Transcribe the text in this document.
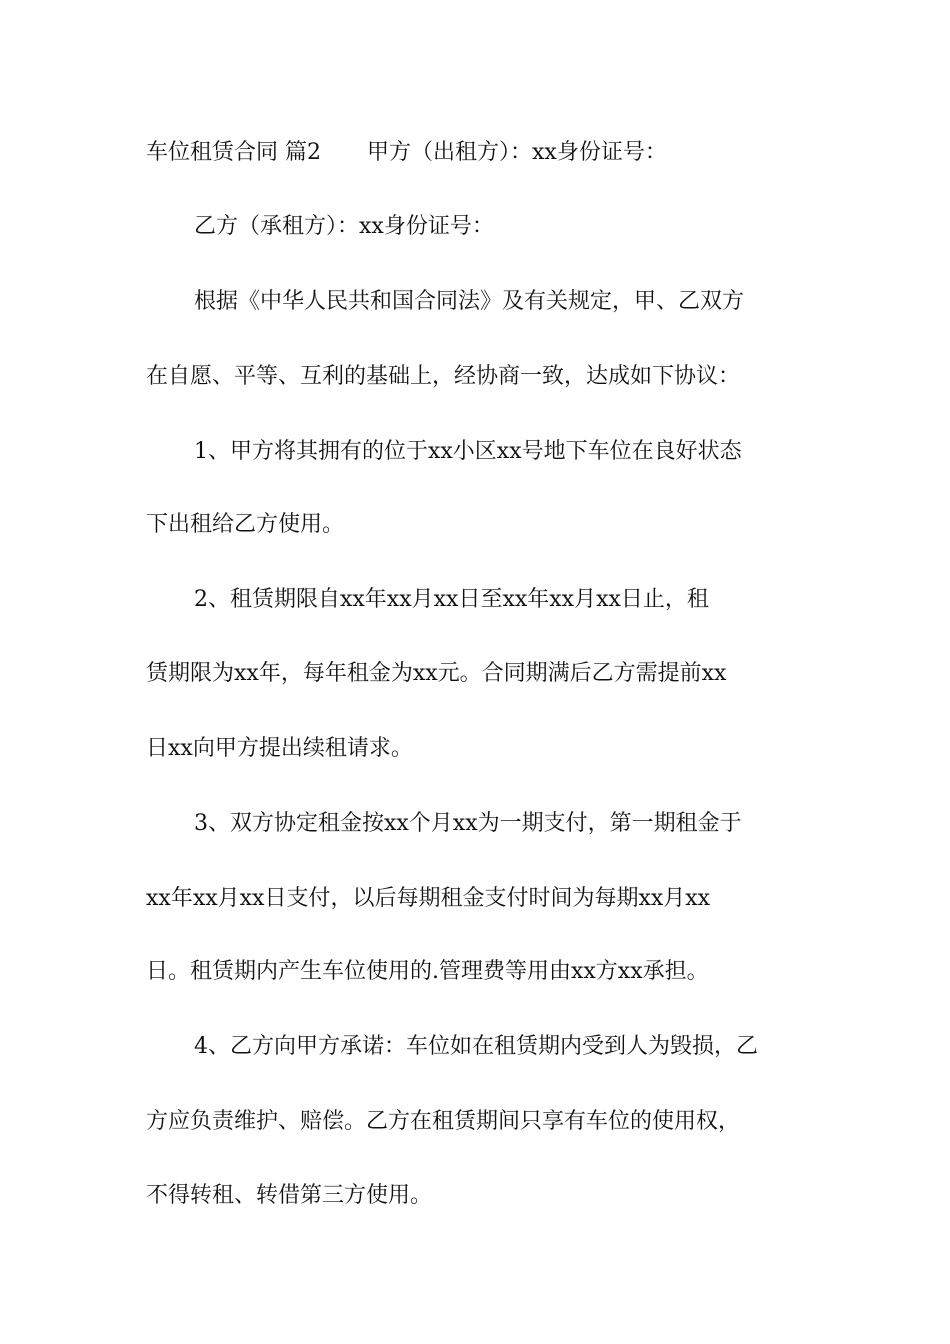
车位租赁合同 篇2 甲方（出租方）：xx身份证号：
乙方（承租方）：xx身份证号：
根据《中华人民共和国合同法》及有关规定，甲、乙双方
在自愿、平等、互利的基础上，经协商一致，达成如下协议：
1、甲方将其拥有的位于xx小区xx号地下车位在良好状态
下出租给乙方使用。
2、租赁期限自xx年xx月xx日至xx年xx月xx日止，租
赁期限为xx年，每年租金为xx元。合同期满后乙方需提前xx
日xx向甲方提出续租请求。
3、双方协定租金按xx个月xx为一期支付，第一期租金于
xx年xx月xx日支付，以后每期租金支付时间为每期xx月xx
日。租赁期内产生车位使用的.管理费等用由xx方xx承担。
4、乙方向甲方承诺：车位如在租赁期内受到人为毁损，乙
方应负责维护、赔偿。乙方在租赁期间只享有车位的使用权，
不得转租、转借第三方使用。
